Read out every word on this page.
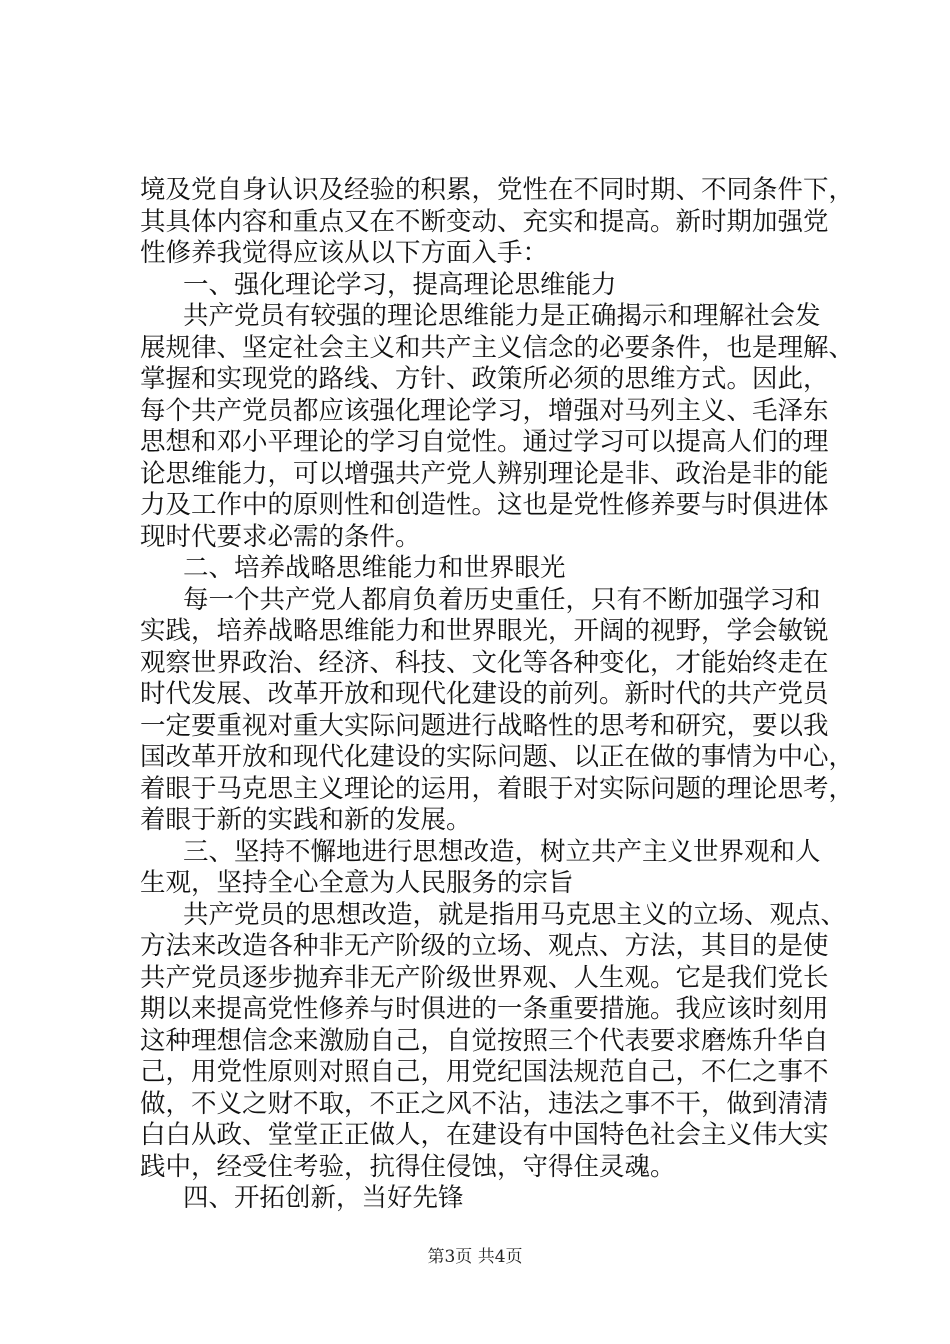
境及党自身认识及经验的积累，党性在不同时期、不同条件下，
其具体内容和重点又在不断变动、充实和提高。新时期加强党
性修养我觉得应该从以下方面入手：
一、强化理论学习，提高理论思维能力
共产党员有较强的理论思维能力是正确揭示和理解社会发
展规律、坚定社会主义和共产主义信念的必要条件，也是理解、
掌握和实现党的路线、方针、政策所必须的思维方式。因此，
每个共产党员都应该强化理论学习，增强对马列主义、毛泽东
思想和邓小平理论的学习自觉性。通过学习可以提高人们的理
论思维能力，可以增强共产党人辨别理论是非、政治是非的能
力及工作中的原则性和创造性。这也是党性修养要与时俱进体
现时代要求必需的条件。
二、培养战略思维能力和世界眼光
每一个共产党人都肩负着历史重任，只有不断加强学习和
实践，培养战略思维能力和世界眼光，开阔的视野，学会敏锐
观察世界政治、经济、科技、文化等各种变化，才能始终走在
时代发展、改革开放和现代化建设的前列。新时代的共产党员
一定要重视对重大实际问题进行战略性的思考和研究，要以我
国改革开放和现代化建设的实际问题、以正在做的事情为中心，
着眼于马克思主义理论的运用，着眼于对实际问题的理论思考，
着眼于新的实践和新的发展。
三、坚持不懈地进行思想改造，树立共产主义世界观和人
生观，坚持全心全意为人民服务的宗旨
共产党员的思想改造，就是指用马克思主义的立场、观点、
方法来改造各种非无产阶级的立场、观点、方法，其目的是使
共产党员逐步抛弃非无产阶级世界观、人生观。它是我们党长
期以来提高党性修养与时俱进的一条重要措施。我应该时刻用
这种理想信念来激励自己，自觉按照三个代表要求磨炼升华自
己，用党性原则对照自己，用党纪国法规范自己，不仁之事不
做，不义之财不取，不正之风不沾，违法之事不干，做到清清
白白从政、堂堂正正做人，在建设有中国特色社会主义伟大实
践中，经受住考验，抗得住侵蚀，守得住灵魂。
四、开拓创新，当好先锋
第3页 共4页
